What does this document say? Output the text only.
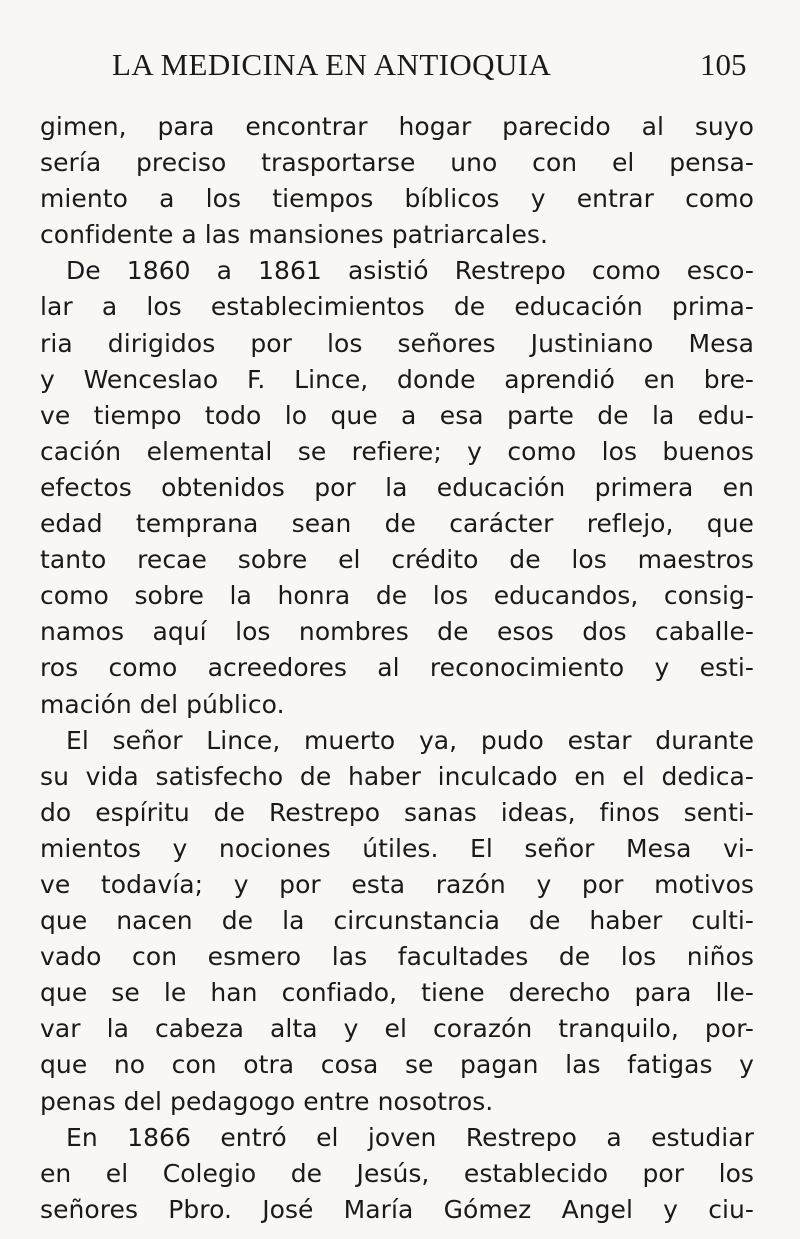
LA MEDICINA EN ANTIOQUIA	105
gimen, para encontrar hogar parecido al suyo
sería preciso trasportarse uno con el pensa-
miento a los tiempos bíblicos y entrar como
confidente a las mansiones patriarcales.
De 1860 a 1861 asistió Restrepo como esco-
lar a los establecimientos de educación prima-
ria dirigidos por los señores Justiniano Mesa
y Wenceslao F. Lince, donde aprendió en bre-
ve tiempo todo lo que a esa parte de la edu-
cación elemental se refiere; y como los buenos
efectos obtenidos por la educación primera en
edad temprana sean de carácter reflejo, que
tanto recae sobre el crédito de los maestros
como sobre la honra de los educandos, consig-
namos aquí los nombres de esos dos caballe-
ros como acreedores al reconocimiento y esti-
mación del público.
El señor Lince, muerto ya, pudo estar durante
su vida satisfecho de haber inculcado en el dedica-
do espíritu de Restrepo sanas ideas, finos senti-
mientos y nociones útiles. El señor Mesa vi-
ve todavía; y por esta razón y por motivos
que nacen de la circunstancia de haber culti-
vado con esmero las facultades de los niños
que se le han confiado, tiene derecho para lle-
var la cabeza alta y el corazón tranquilo, por-
que no con otra cosa se pagan las fatigas y
penas del pedagogo entre nosotros.
En 1866 entró el joven Restrepo a estudiar
en el Colegio de Jesús, establecido por los
señores Pbro. José María Gómez Angel y ciu-
